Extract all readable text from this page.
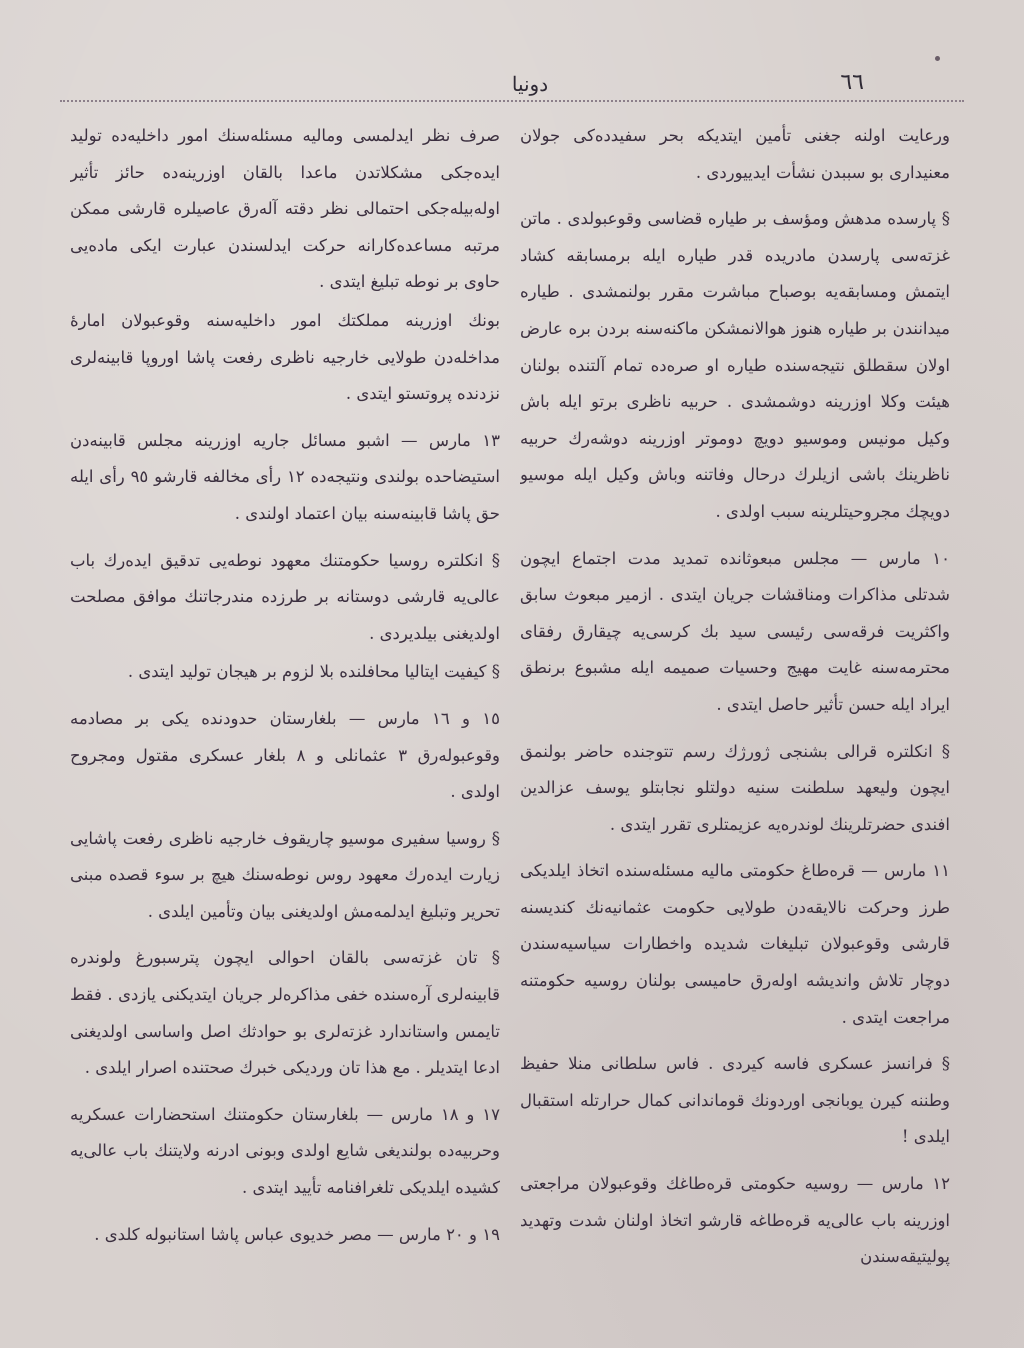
٦٦
دونیا

ورعایت اولنه جغنی تأمین ایتدیکه بحر سفیدده‌کی جولان معنیداری بو سببدن نشأت ایدییوردی .

§ پارسده مدهش ومؤسف بر طیاره قضاسی وقوعبولدی . ماتن غزته‌سی پارسدن مادریده قدر طیاره ایله برمسابقه کشاد ایتمش ومسابقه‌یه بوصباح مباشرت مقرر بولنمشدی . طیاره میدانندن بر طیاره هنوز هوالانمشکن ماکنه‌سنه بردن بره عارض اولان سقطلق نتیجه‌سنده طیاره او صره‌ده تمام آلتنده بولنان هیئت وکلا اوزرینه دوشمشدی . حربیه ناظری برتو ایله باش وکیل مونیس وموسیو دویچ دوموتر اوزرینه دوشه‌رك حربیه ناظرینك باشی ازیلرك درحال وفاتنه وباش وکیل ایله موسیو دویچك مجروحیتلرینه سبب اولدی .

١٠ مارس — مجلس مبعوثانده تمدید مدت اجتماع ایچون شدتلی مذاکرات ومناقشات جریان ایتدی . ازمیر مبعوث سابق واکثریت فرقه‌سی رئیسی سید بك کرسی‌یه چیقارق رفقای محترمه‌سنه غایت مهیج وحسیات صمیمه ایله مشبوع برنطق ایراد ایله حسن تأثیر حاصل ایتدی .

§ انکلتره قرالی بشنجی ژورژك رسم تتوجنده حاضر بولنمق ایچون ولیعهد سلطنت سنیه دولتلو نجابتلو یوسف عزالدین افندی حضرتلرینك لوندره‌یه عزیمتلری تقرر ایتدی .

١١ مارس — قره‌طاغ حکومتی مالیه مسئله‌سنده اتخاذ ایلدیکی طرز وحرکت نالایقه‌دن طولایی حکومت عثمانیه‌نك کندیسنه قارشی وقوعبولان تبلیغات شدیده واخطارات سیاسیه‌سندن دوچار تلاش واندیشه اوله‌رق حامیسی بولنان روسیه حکومتنه مراجعت ایتدی .

§ فرانسز عسکری فاسه کیردی . فاس سلطانی منلا حفیظ وطننه کیرن یوبانجی اوردونك قوماندانی کمال حرارتله استقبال ایلدی !

١٢ مارس — روسیه حکومتی قره‌طاغك وقوعبولان مراجعتی اوزرینه باب عالی‌یه قره‌طاغه قارشو اتخاذ اولنان شدت وتهدید پولیتیقه‌سندن

صرف نظر ایدلمسی ومالیه مسئله‌سنك امور داخلیه‌ده تولید ایده‌جکی مشکلاتدن ماعدا بالقان اوزرینه‌ده حائز تأثیر اوله‌بیله‌جکی احتمالی نظر دقته آله‌رق عاصیلره قارشی ممکن مرتبه مساعده‌کارانه حرکت ایدلسندن عبارت ایکی ماده‌یی حاوی بر نوطه تبلیغ ایتدی .

بونك اوزرینه مملکتك امور داخلیه‌سنه وقوعبولان امارهٔ مداخله‌دن طولایی خارجیه ناظری رفعت پاشا اوروپا قابینه‌لری نزدنده پروتستو ایتدی .

١٣ مارس — اشبو مسائل جاریه اوزرینه مجلس قابینه‌دن استیضاحده بولندی ونتیجه‌ده ١٢ رأی مخالفه قارشو ٩٥ رأی ایله حق پاشا قابینه‌سنه بیان اعتماد اولندی .

§ انکلتره روسیا حکومتنك معهود نوطه‌یی تدقیق ایده‌رك باب عالی‌یه قارشی دوستانه بر طرزده مندرجاتنك موافق مصلحت اولدیغنی بیلدیردی .

§ کیفیت ایتالیا محافلنده بلا لزوم بر هیجان تولید ایتدی .

١٥ و ١٦ مارس — بلغارستان حدودنده یکی بر مصادمه وقوعبوله‌رق ٣ عثمانلی و ٨ بلغار عسکری مقتول ومجروح اولدی .

§ روسیا سفیری موسیو چاریقوف خارجیه ناظری رفعت پاشایی زیارت ایده‌رك معهود روس نوطه‌سنك هیچ بر سوء قصده مبنی تحریر وتبلیغ ایدلمه‌مش اولدیغنی بیان وتأمین ایلدی .

§ تان غزته‌سی بالقان احوالی ایچون پترسبورغ ولوندره قابینه‌لری آره‌سنده خفی مذاکره‌لر جریان ایتدیکنی یازدی . فقط تایمس واستاندارد غزته‌لری بو حوادثك اصل واساسی اولدیغنی ادعا ایتدیلر . مع هذا تان وردیکی خبرك صحتنده اصرار ایلدی .

١٧ و ١٨ مارس — بلغارستان حکومتنك استحضارات عسکریه وحربیه‌ده بولندیغی شایع اولدی وبونی ادرنه ولایتنك باب عالی‌یه کشیده ایلدیکی تلغرافنامه تأیید ایتدی .

١٩ و ٢٠ مارس — مصر خدیوی عباس پاشا استانبوله کلدی .
